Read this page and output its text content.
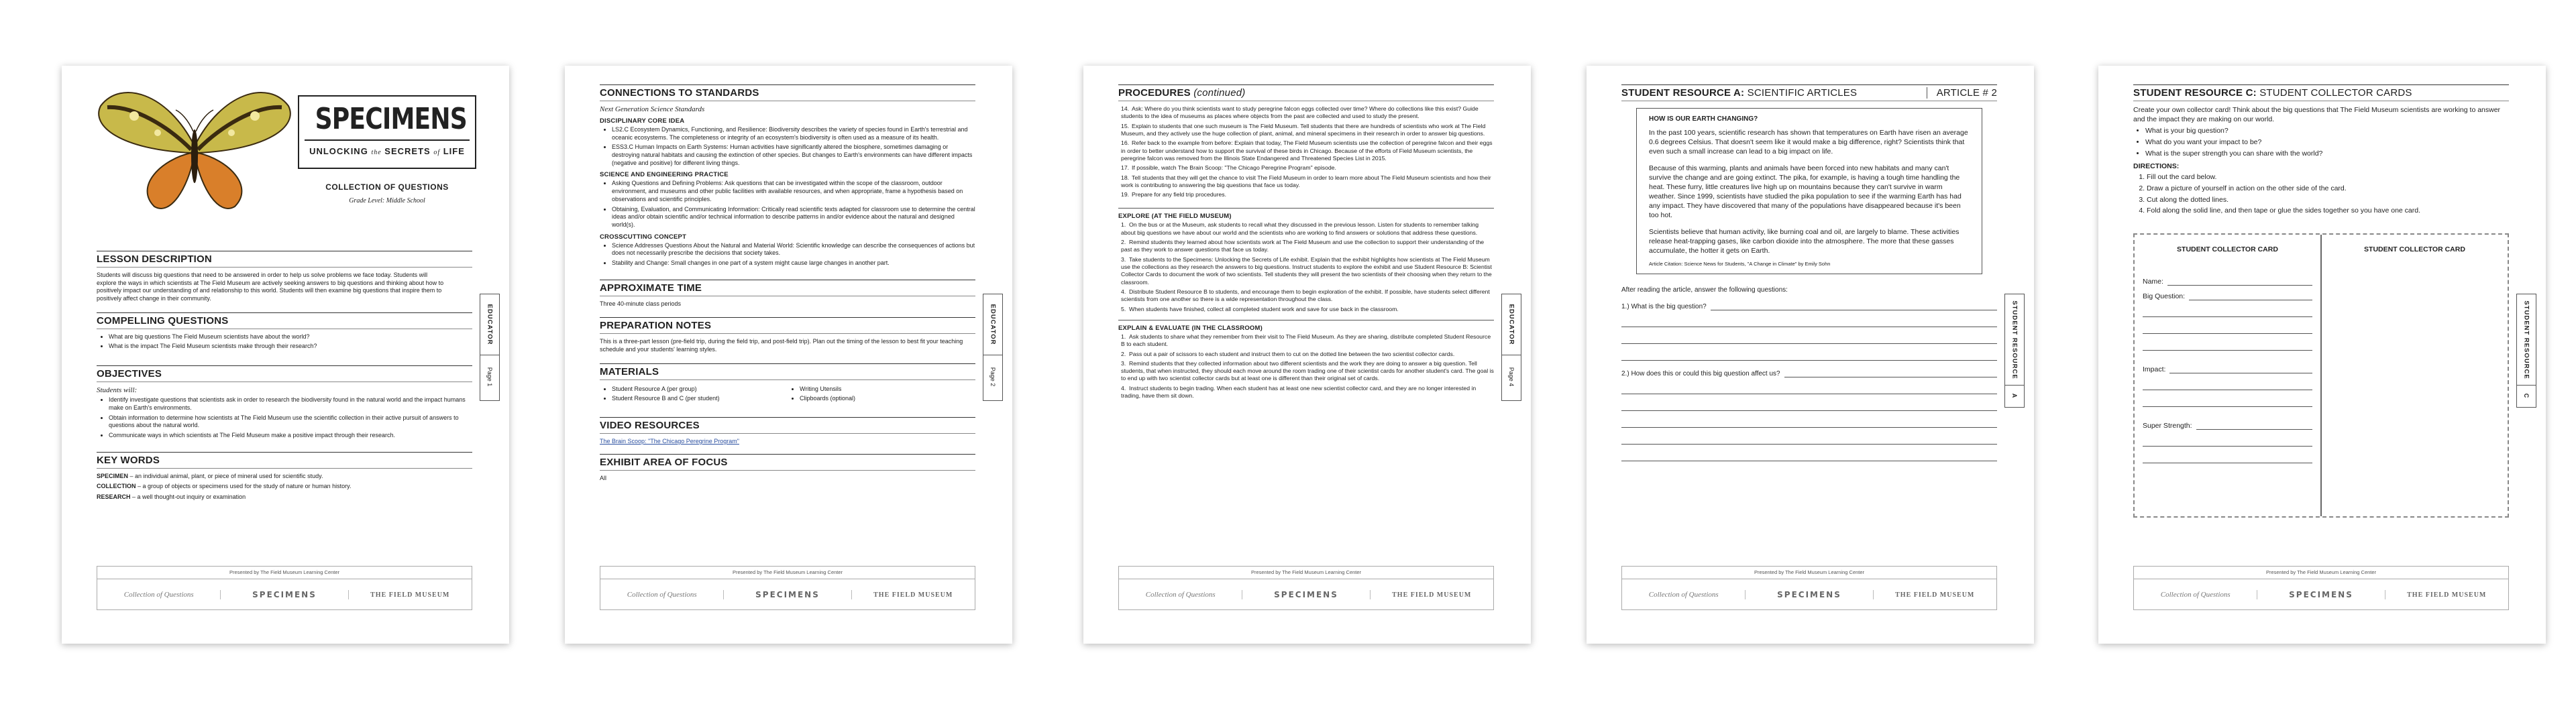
SPECIMENS
UNLOCKING the SECRETS of LIFE
COLLECTION OF QUESTIONS
Grade Level: Middle School
LESSON DESCRIPTION
Students will discuss big questions that need to be answered in order to help us solve problems we face today. Students will explore the ways in which scientists at The Field Museum are actively seeking answers to big questions and thinking about how to positively impact our understanding of and relationship to this world. Students will then examine big questions that inspire them to positively affect change in their community.
COMPELLING QUESTIONS
• What are big questions The Field Museum scientists have about the world?
• What is the impact The Field Museum scientists make through their research?
OBJECTIVES
Students will:
• Identify investigate questions that scientists ask in order to research the biodiversity found in the natural world and the impact humans make on Earth's environments.
• Obtain information to determine how scientists at The Field Museum use the scientific collection in their active pursuit of answers to questions about the natural world.
• Communicate ways in which scientists at The Field Museum make a positive impact through their research.
KEY WORDS
SPECIMEN – an individual animal, plant, or piece of mineral used for scientific study.
COLLECTION – a group of objects or specimens used for the study of nature or human history.
RESEARCH – a well thought-out inquiry or examination
EDUCATOR
Page 1
Presented by The Field Museum Learning Center
Collection of Questions	SPECIMENS	THE FIELD MUSEUM
CONNECTIONS TO STANDARDS
Next Generation Science Standards
DISCIPLINARY CORE IDEA
• LS2.C Ecosystem Dynamics, Functioning, and Resilience: Biodiversity describes the variety of species found in Earth's terrestrial and oceanic ecosystems. The completeness or integrity of an ecosystem's biodiversity is often used as a measure of its health.
• ESS3.C Human Impacts on Earth Systems: Human activities have significantly altered the biosphere, sometimes damaging or destroying natural habitats and causing the extinction of other species. But changes to Earth's environments can have different impacts (negative and positive) for different living things.
SCIENCE AND ENGINEERING PRACTICE
• Asking Questions and Defining Problems: Ask questions that can be investigated within the scope of the classroom, outdoor environment, and museums and other public facilities with available resources, and when appropriate, frame a hypothesis based on observations and scientific principles.
• Obtaining, Evaluation, and Communicating Information: Critically read scientific texts adapted for classroom use to determine the central ideas and/or obtain scientific and/or technical information to describe patterns in and/or evidence about the natural and designed world(s).
CROSSCUTTING CONCEPT
• Science Addresses Questions About the Natural and Material World: Scientific knowledge can describe the consequences of actions but does not necessarily prescribe the decisions that society takes.
• Stability and Change: Small changes in one part of a system might cause large changes in another part.
APPROXIMATE TIME
Three 40-minute class periods
PREPARATION NOTES
This is a three-part lesson (pre-field trip, during the field trip, and post-field trip). Plan out the timing of the lesson to best fit your teaching schedule and your students' learning styles.
MATERIALS
• Student Resource A (per group)
• Student Resource B and C (per student)
• Writing Utensils
• Clipboards (optional)
VIDEO RESOURCES
The Brain Scoop: "The Chicago Peregrine Program"
EXHIBIT AREA OF FOCUS
All
EDUCATOR
Page 2
Presented by The Field Museum Learning Center
Collection of Questions	SPECIMENS	THE FIELD MUSEUM
PROCEDURES (continued)
14. Ask: Where do you think scientists want to study peregrine falcon eggs collected over time? Where do collections like this exist? Guide students to the idea of museums as places where objects from the past are collected and used to study the present.
15. Explain to students that one such museum is The Field Museum. Tell students that there are hundreds of scientists who work at The Field Museum, and they actively use the huge collection of plant, animal, and mineral specimens in their research in order to answer big questions.
16. Refer back to the example from before: Explain that today, The Field Museum scientists use the collection of peregrine falcon and their eggs in order to better understand how to support the survival of these birds in Chicago. Because of the efforts of Field Museum scientists, the peregrine falcon was removed from the Illinois State Endangered and Threatened Species List in 2015.
17. If possible, watch The Brain Scoop: "The Chicago Peregrine Program" episode.
18. Tell students that they will get the chance to visit The Field Museum in order to learn more about The Field Museum scientists and how their work is contributing to answering the big questions that face us today.
19. Prepare for any field trip procedures.
EXPLORE (AT THE FIELD MUSEUM)
1. On the bus or at the Museum, ask students to recall what they discussed in the previous lesson. Listen for students to remember talking about big questions we have about our world and the scientists who are working to find answers or solutions that address these questions.
2. Remind students they learned about how scientists work at The Field Museum and use the collection to support their understanding of the past as they work to answer questions that face us today.
3. Take students to the Specimens: Unlocking the Secrets of Life exhibit. Explain that the exhibit highlights how scientists at The Field Museum use the collections as they research the answers to big questions. Instruct students to explore the exhibit and use Student Resource B: Scientist Collector Cards to document the work of two scientists. Tell students they will present the two scientists of their choosing when they return to the classroom.
4. Distribute Student Resource B to students, and encourage them to begin exploration of the exhibit. If possible, have students select different scientists from one another so there is a wide representation throughout the class.
5. When students have finished, collect all completed student work and save for use back in the classroom.
EXPLAIN & EVALUATE (IN THE CLASSROOM)
1. Ask students to share what they remember from their visit to The Field Museum. As they are sharing, distribute completed Student Resource B to each student.
2. Pass out a pair of scissors to each student and instruct them to cut on the dotted line between the two scientist collector cards.
3. Remind students that they collected information about two different scientists and the work they are doing to answer a big question. Tell students, that when instructed, they should each move around the room trading one of their scientist cards for another student's card. The goal is to end up with two scientist collector cards but at least one is different than their original set of cards.
4. Instruct students to begin trading. When each student has at least one new scientist collector card, and they are no longer interested in trading, have them sit down.
EDUCATOR
Page 4
Presented by The Field Museum Learning Center
Collection of Questions	SPECIMENS	THE FIELD MUSEUM
STUDENT RESOURCE A: SCIENTIFIC ARTICLES	ARTICLE # 2
HOW IS OUR EARTH CHANGING?
In the past 100 years, scientific research has shown that temperatures on Earth have risen an average 0.6 degrees Celsius. That doesn't seem like it would make a big difference, right? Scientists think that even such a small increase can lead to a big impact on life.
Because of this warming, plants and animals have been forced into new habitats and many can't survive the change and are going extinct. The pika, for example, is having a tough time handling the heat. These furry, little creatures live high up on mountains because they can't survive in warm weather. Since 1999, scientists have studied the pika population to see if the warming Earth has had any impact. They have discovered that many of the populations have disappeared because it's been too hot.
Scientists believe that human activity, like burning coal and oil, are largely to blame. These activities release heat-trapping gases, like carbon dioxide into the atmosphere. The more that these gasses accumulate, the hotter it gets on Earth.
Article Citation: Science News for Students, "A Change in Climate" by Emily Sohn
After reading the article, answer the following questions:
1.) What is the big question?
2.) How does this or could this big question affect us?	STUDENT RESOURCE
A
Presented by The Field Museum Learning Center
Collection of Questions	SPECIMENS	THE FIELD MUSEUM
STUDENT RESOURCE C: STUDENT COLLECTOR CARDS
Create your own collector card! Think about the big questions that The Field Museum scientists are working to answer and the impact they are making on our world.
• What is your big question?
• What do you want your impact to be?
• What is the super strength you can share with the world?
DIRECTIONS:
1. Fill out the card below.
2. Draw a picture of yourself in action on the other side of the card.
3. Cut along the dotted lines.
4. Fold along the solid line, and then tape or glue the sides together so you have one card.
STUDENT COLLECTOR CARD
Name:
Big Question:
Impact:
Super Strength:
STUDENT COLLECTOR CARD
STUDENT RESOURCE
C
Presented by The Field Museum Learning Center
Collection of Questions	SPECIMENS	THE FIELD MUSEUM
